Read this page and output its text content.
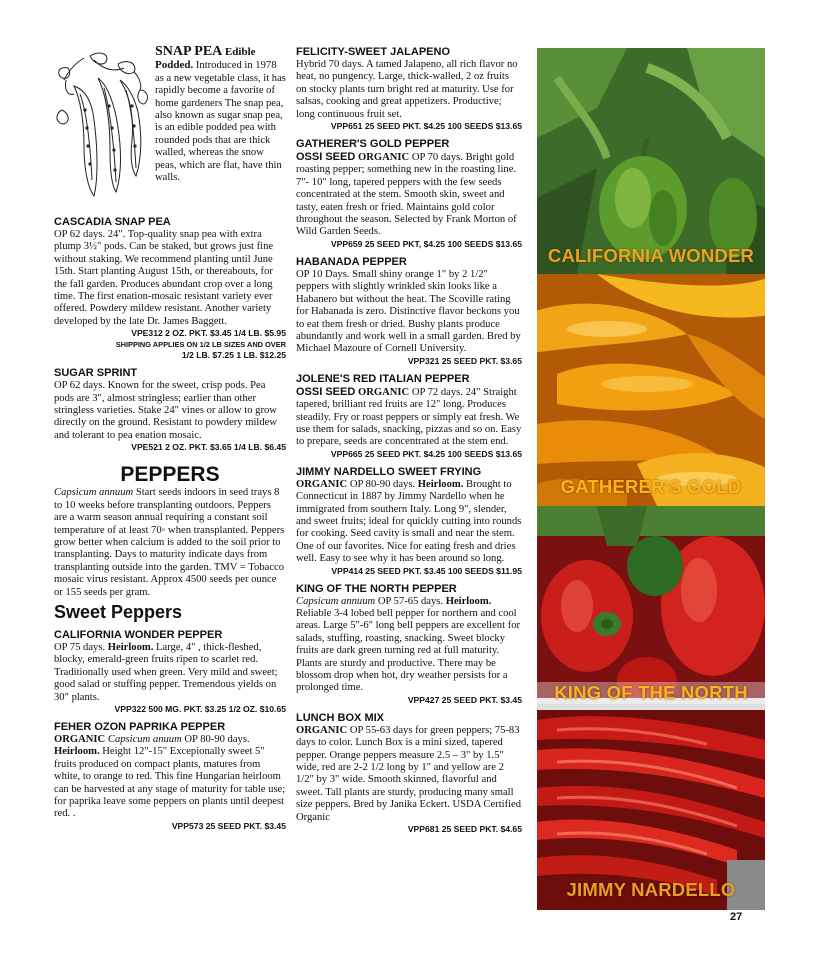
SNAP PEA Edible Podded. Introduced in 1978 as a new vegetable class, it has rapidly become a favorite of home gardeners The snap pea, also known as sugar snap pea, is an edible podded pea with rounded pods that are thick walled, whereas the snow peas, which are flat, have thin walls.
CASCADIA SNAP PEA
OP 62 days. 24". Top-quality snap pea with extra plump 3½" pods. Can be staked, but grows just fine without staking. We recommend planting until June 15th. Start planting August 15th, or thereabouts, for the fall garden. Produces abundant crop over a long time. The first enation-mosaic resistant variety ever offered. Powdery mildew resistant. Another variety developed by the late Dr. James Baggett.
VPE312 2 OZ. PKT. $3.45 1/4 LB. $5.95
SHIPPING APPLIES ON 1/2 LB SIZES AND OVER
1/2 LB. $7.25 1 LB. $12.25
SUGAR SPRINT
OP 62 days. Known for the sweet, crisp pods. Pea pods are 3", almost stringless; earlier than other stringless varieties. Stake 24" vines or allow to grow directly on the ground. Resistant to powdery mildew and tolerant to pea enation mosaic.
VPE521 2 OZ. PKT. $3.65 1/4 LB. $6.45
PEPPERS
Capsicum annuum Start seeds indoors in seed trays 8 to 10 weeks before transplanting outdoors. Peppers are a warm season annual requiring a constant soil temperature of at least 70◦ when transplanted. Peppers grow better when calcium is added to the soil prior to transplanting. Days to maturity indicate days from transplanting outside into the garden. TMV = Tobacco mosaic virus resistant. Approx 4500 seeds per ounce or 155 seeds per gram.
Sweet Peppers
CALIFORNIA WONDER PEPPER
OP 75 days. Heirloom. Large, 4" , thick-fleshed, blocky, emerald-green fruits ripen to scarlet red. Traditionally used when green. Very mild and sweet; good salad or stuffing pepper. Tremendous yields on 30" plants.
VPP322 500 MG. PKT. $3.25 1/2 OZ. $10.65
FEHER OZON PAPRIKA PEPPER
ORGANIC Capsicum anuum OP 80-90 days. Heirloom. Height 12"-15" Excepionally sweet 5" fruits produced on compact plants, matures from white, to orange to red. This fine Hungarian heirloom can be harvested at any stage of maturity for table use; for paprika leave some peppers on plants until deepest red. .
VPP573 25 SEED PKT. $3.45
FELICITY-SWEET JALAPENO
Hybrid 70 days. A tamed Jalapeno, all rich flavor no heat, no pungency. Large, thick-walled, 2 oz fruits on stocky plants turn bright red at maturity. Use for salsas, cooking and great appetizers. Productive; long continuous fruit set.
VPP651 25 SEED PKT. $4.25 100 SEEDS $13.65
GATHERER'S GOLD PEPPER
OSSI SEED ORGANIC OP 70 days. Bright gold roasting pepper; something new in the roasting line. 7"- 10" long, tapered peppers with the few seeds concentrated at the stem. Smooth skin, sweet and tasty, eaten fresh or fried. Maintains gold color throughout the season. Selected by Frank Morton of Wild Garden Seeds.
VPP659 25 SEED PKT, $4.25 100 SEEDS $13.65
HABANADA PEPPER
OP 10 Days. Small shiny orange 1" by 2 1/2" peppers with slightly wrinkled skin looks like a Habanero but without the heat. The Scoville rating for Habanada is zero. Distinctive flavor beckons you to eat them fresh or dried. Bushy plants produce abundantly and work well in a small garden. Bred by Michael Mazoure of Cornell University.
VPP321 25 SEED PKT. $3.65
JOLENE'S RED ITALIAN PEPPER
OSSI SEED ORGANIC OP 72 days. 24" Straight tapered, brilliant red fruits are 12" long. Produces steadily. Fry or roast peppers or simply eat fresh. We use them for salads, snacking, pizzas and so on. Easy to prepare, seeds are concentrated at the stem end.
VPP665 25 SEED PKT. $4.25 100 SEEDS $13.65
JIMMY NARDELLO SWEET FRYING
ORGANIC OP 80-90 days. Heirloom. Brought to Connecticut in 1887 by Jimmy Nardello when he immigrated from southern Italy. Long 9", slender, and sweet fruits; ideal for quickly cutting into rounds for cooking. Seed cavity is small and near the stem. One of our favorites. Nice for eating fresh and dries well. Easy to see why it has been around so long.
VPP414 25 SEED PKT. $3.45 100 SEEDS $11.95
KING OF THE NORTH PEPPER
Capsicum annuum OP 57-65 days. Heirloom. Reliable 3-4 lobed bell pepper for northern and cool areas. Large 5"-6" long bell peppers are excellent for salads, stuffing, roasting, snacking. Sweet blocky fruits are dark green turning red at full maturity. Plants are sturdy and productive. There may be blossom drop when hot, dry weather persists for a prolonged time.
VPP427 25 SEED PKT. $3.45
LUNCH BOX MIX
ORGANIC OP 55-63 days for green peppers; 75-83 days to color. Lunch Box is a mini sized, tapered pepper. Orange peppers measure 2.5 – 3" by 1.5" wide, red are 2-2 1/2 long by 1" and yellow are 2 1/2" by 3" wide. Smooth skinned, flavorful and sweet. Tall plants are sturdy, producing many small size peppers. Bred by Janika Eckert. USDA Certified Organic
VPP681 25 SEED PKT. $4.65
CALIFORNIA WONDER
GATHERER'S GOLD
KING OF THE NORTH
JIMMY NARDELLO
27
